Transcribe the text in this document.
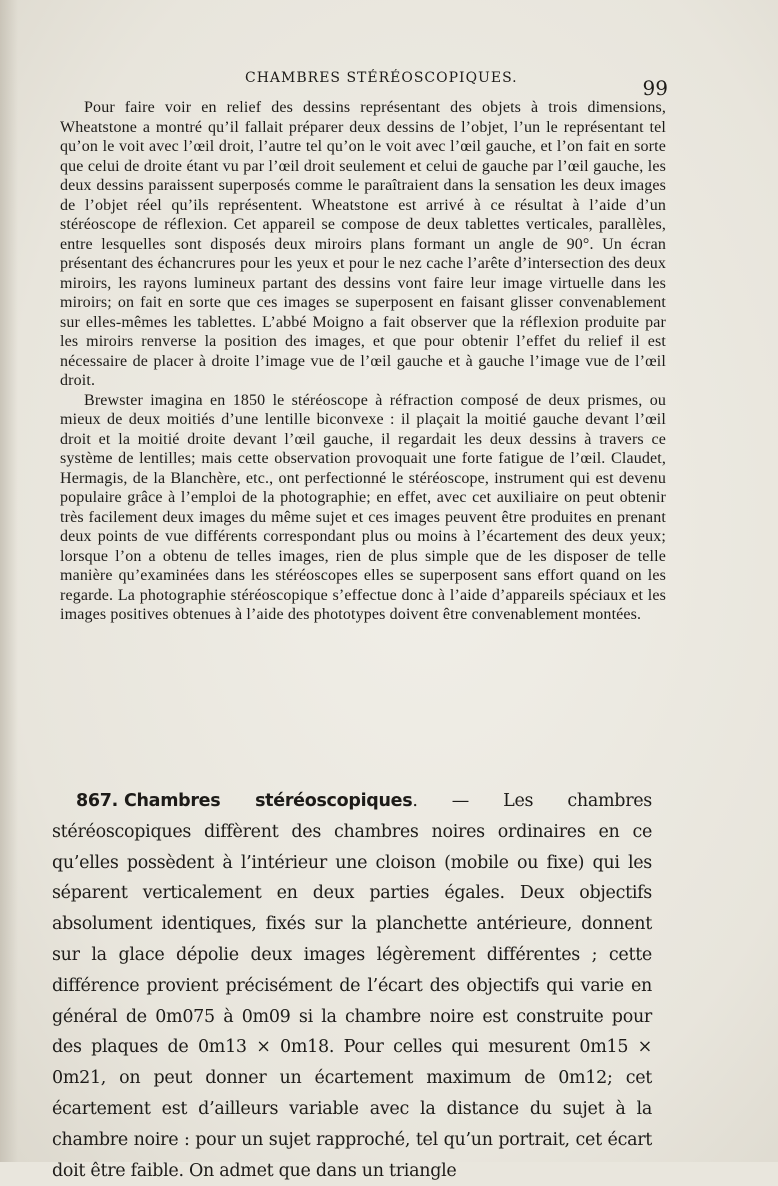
CHAMBRES STÉRÉOSCOPIQUES.	99

Pour faire voir en relief des dessins représentant des objets à trois dimensions, Wheatstone a montré qu’il fallait préparer deux dessins de l’objet, l’un le représentant tel qu’on le voit avec l’œil droit, l’autre tel qu’on le voit avec l’œil gauche, et l’on fait en sorte que celui de droite étant vu par l’œil droit seulement et celui de gauche par l’œil gauche, les deux dessins paraissent superposés comme le paraîtraient dans la sensation les deux images de l’objet réel qu’ils représentent. Wheatstone est arrivé à ce résultat à l’aide d’un stéréoscope de réflexion. Cet appareil se compose de deux tablettes verticales, parallèles, entre lesquelles sont disposés deux miroirs plans formant un angle de 90°. Un écran présentant des échancrures pour les yeux et pour le nez cache l’arête d’intersection des deux miroirs, les rayons lumineux partant des dessins vont faire leur image virtuelle dans les miroirs; on fait en sorte que ces images se superposent en faisant glisser convenablement sur elles-mêmes les tablettes. L’abbé Moigno a fait observer que la réflexion produite par les miroirs renverse la position des images, et que pour obtenir l’effet du relief il est nécessaire de placer à droite l’image vue de l’œil gauche et à gauche l’image vue de l’œil droit.

Brewster imagina en 1850 le stéréoscope à réfraction composé de deux prismes, ou mieux de deux moitiés d’une lentille biconvexe : il plaçait la moitié gauche devant l’œil droit et la moitié droite devant l’œil gauche, il regardait les deux dessins à travers ce système de lentilles; mais cette observation provoquait une forte fatigue de l’œil. Claudet, Hermagis, de la Blanchère, etc., ont perfectionné le stéréoscope, instrument qui est devenu populaire grâce à l’emploi de la photographie; en effet, avec cet auxiliaire on peut obtenir très facilement deux images du même sujet et ces images peuvent être produites en prenant deux points de vue différents correspondant plus ou moins à l’écartement des deux yeux; lorsque l’on a obtenu de telles images, rien de plus simple que de les disposer de telle manière qu’examinées dans les stéréoscopes elles se superposent sans effort quand on les regarde. La photographie stéréoscopique s’effectue donc à l’aide d’appareils spéciaux et les images positives obtenues à l’aide des phototypes doivent être convenablement montées.

867. Chambres stéréoscopiques. — Les chambres stéréoscopiques diffèrent des chambres noires ordinaires en ce qu’elles possèdent à l’intérieur une cloison (mobile ou fixe) qui les séparent verticalement en deux parties égales. Deux objectifs absolument identiques, fixés sur la planchette antérieure, donnent sur la glace dépolie deux images légèrement différentes ; cette différence provient précisément de l’écart des objectifs qui varie en général de 0m075 à 0m09 si la chambre noire est construite pour des plaques de 0m13 × 0m18. Pour celles qui mesurent 0m15 × 0m21, on peut donner un écartement maximum de 0m12; cet écartement est d’ailleurs variable avec la distance du sujet à la chambre noire : pour un sujet rapproché, tel qu’un portrait, cet écart doit être faible. On admet que dans un triangle
